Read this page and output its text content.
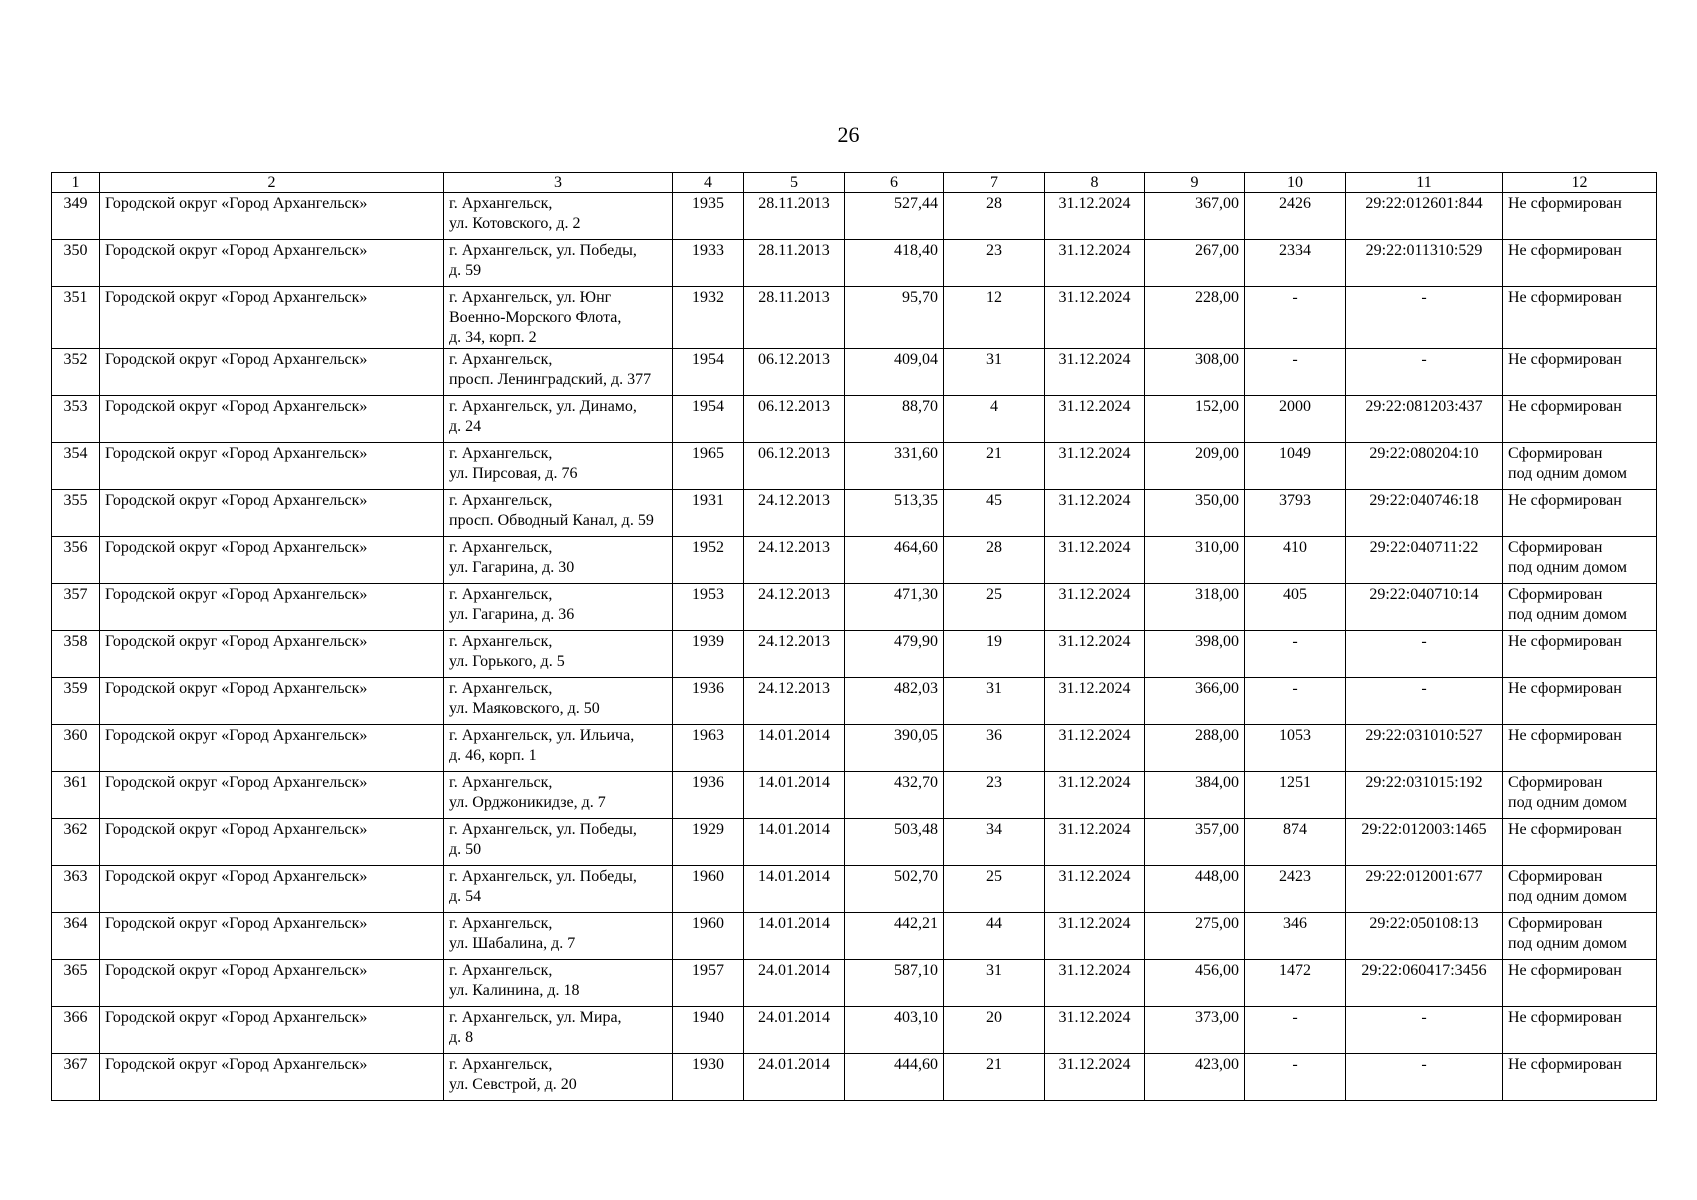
26
1	2	3	4	5	6	7	8	9	10	11	12
349	Городской округ «Город Архангельск»	г. Архангельск,
ул. Котовского, д. 2	1935	28.11.2013	527,44	28	31.12.2024	367,00	2426	29:22:012601:844	Не сформирован

350	Городской округ «Город Архангельск»	г. Архангельск, ул. Победы,
д. 59	1933	28.11.2013	418,40	23	31.12.2024	267,00	2334	29:22:011310:529	Не сформирован

351	Городской округ «Город Архангельск»	г. Архангельск, ул. Юнг
Военно-Морского Флота,
д. 34, корп. 2	1932	28.11.2013	95,70	12	31.12.2024	228,00	-	-	Не сформирован

352	Городской округ «Город Архангельск»	г. Архангельск,
просп. Ленинградский, д. 377	1954	06.12.2013	409,04	31	31.12.2024	308,00	-	-	Не сформирован

353	Городской округ «Город Архангельск»	г. Архангельск, ул. Динамо,
д. 24	1954	06.12.2013	88,70	4	31.12.2024	152,00	2000	29:22:081203:437	Не сформирован

354	Городской округ «Город Архангельск»	г. Архангельск,
ул. Пирсовая, д. 76	1965	06.12.2013	331,60	21	31.12.2024	209,00	1049	29:22:080204:10	Сформирован
под одним домом

355	Городской округ «Город Архангельск»	г. Архангельск,
просп. Обводный Канал, д. 59	1931	24.12.2013	513,35	45	31.12.2024	350,00	3793	29:22:040746:18	Не сформирован

356	Городской округ «Город Архангельск»	г. Архангельск,
ул. Гагарина, д. 30	1952	24.12.2013	464,60	28	31.12.2024	310,00	410	29:22:040711:22	Сформирован
под одним домом

357	Городской округ «Город Архангельск»	г. Архангельск,
ул. Гагарина, д. 36	1953	24.12.2013	471,30	25	31.12.2024	318,00	405	29:22:040710:14	Сформирован
под одним домом

358	Городской округ «Город Архангельск»	г. Архангельск,
ул. Горького, д. 5	1939	24.12.2013	479,90	19	31.12.2024	398,00	-	-	Не сформирован

359	Городской округ «Город Архангельск»	г. Архангельск,
ул. Маяковского, д. 50	1936	24.12.2013	482,03	31	31.12.2024	366,00	-	-	Не сформирован

360	Городской округ «Город Архангельск»	г. Архангельск, ул. Ильича,
д. 46, корп. 1	1963	14.01.2014	390,05	36	31.12.2024	288,00	1053	29:22:031010:527	Не сформирован

361	Городской округ «Город Архангельск»	г. Архангельск,
ул. Орджоникидзе, д. 7	1936	14.01.2014	432,70	23	31.12.2024	384,00	1251	29:22:031015:192	Сформирован
под одним домом

362	Городской округ «Город Архангельск»	г. Архангельск, ул. Победы,
д. 50	1929	14.01.2014	503,48	34	31.12.2024	357,00	874	29:22:012003:1465	Не сформирован

363	Городской округ «Город Архангельск»	г. Архангельск, ул. Победы,
д. 54	1960	14.01.2014	502,70	25	31.12.2024	448,00	2423	29:22:012001:677	Сформирован
под одним домом

364	Городской округ «Город Архангельск»	г. Архангельск,
ул. Шабалина, д. 7	1960	14.01.2014	442,21	44	31.12.2024	275,00	346	29:22:050108:13	Сформирован
под одним домом

365	Городской округ «Город Архангельск»	г. Архангельск,
ул. Калинина, д. 18	1957	24.01.2014	587,10	31	31.12.2024	456,00	1472	29:22:060417:3456	Не сформирован

366	Городской округ «Город Архангельск»	г. Архангельск, ул. Мира,
д. 8	1940	24.01.2014	403,10	20	31.12.2024	373,00	-	-	Не сформирован

367	Городской округ «Город Архангельск»	г. Архангельск,
ул. Севстрой, д. 20	1930	24.01.2014	444,60	21	31.12.2024	423,00	-	-	Не сформирован
